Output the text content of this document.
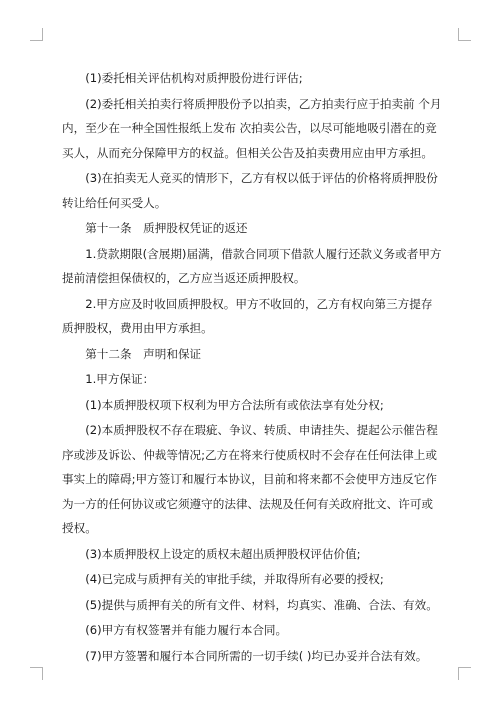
(1)委托相关评估机构对质押股份进行评估;

(2)委托相关拍卖行将质押股份予以拍卖，乙方拍卖行应于拍卖前 个月内，至少在一种全国性报纸上发布 次拍卖公告，以尽可能地吸引潜在的竞买人，从而充分保障甲方的权益。但相关公告及拍卖费用应由甲方承担。

(3)在拍卖无人竞买的情形下，乙方有权以低于评估的价格将质押股份转让给任何买受人。

第十一条　质押股权凭证的返还

1.贷款期限(含展期)届满，借款合同项下借款人履行还款义务或者甲方提前清偿担保债权的，乙方应当返还质押股权。

2.甲方应及时收回质押股权。甲方不收回的，乙方有权向第三方提存质押股权，费用由甲方承担。

第十二条　声明和保证

1.甲方保证：

(1)本质押股权项下权利为甲方合法所有或依法享有处分权;

(2)本质押股权不存在瑕疵、争议、转质、申请挂失、提起公示催告程序或涉及诉讼、仲裁等情况;乙方在将来行使质权时不会存在任何法律上或事实上的障碍;甲方签订和履行本协议，目前和将来都不会使甲方违反它作为一方的任何协议或它须遵守的法律、法规及任何有关政府批文、许可或授权。

(3)本质押股权上设定的质权未超出质押股权评估价值;

(4)已完成与质押有关的审批手续，并取得所有必要的授权;

(5)提供与质押有关的所有文件、材料，均真实、准确、合法、有效。

(6)甲方有权签署并有能力履行本合同。

(7)甲方签署和履行本合同所需的一切手续( )均已办妥并合法有效。
